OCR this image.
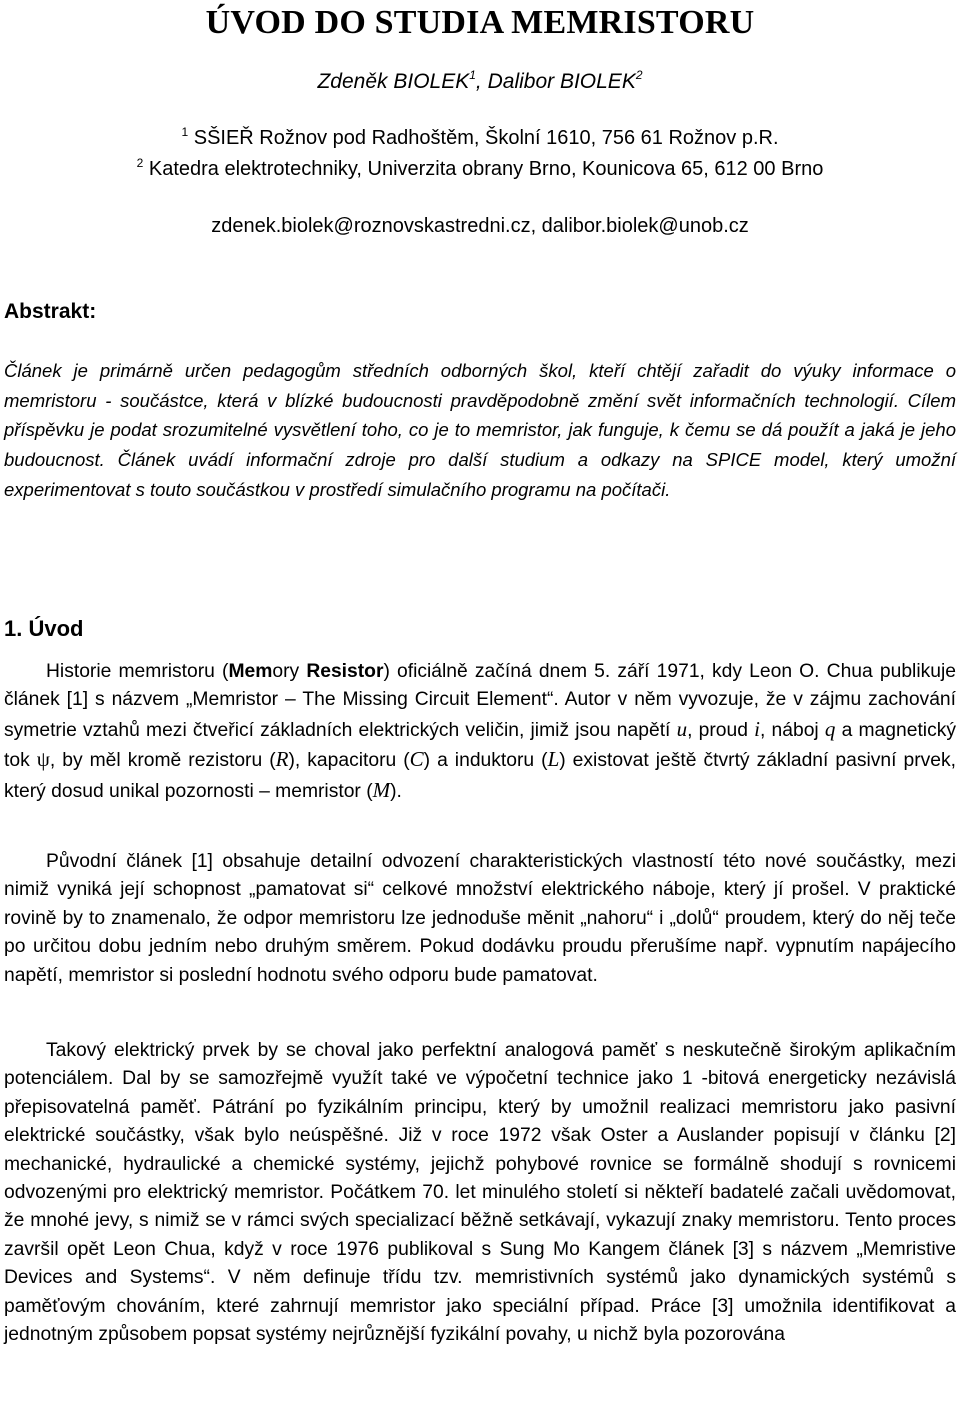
ÚVOD DO STUDIA MEMRISTORU

Zdeněk BIOLEK$^1$, Dalibor BIOLEK$^2$

$^1$ SŠIEŘ Rožnov pod Radhoštěm, Školní 1610, 756 61 Rožnov p.R.

$^2$ Katedra elektrotechniky, Univerzita obrany Brno, Kounicova 65, 612 00 Brno

zdenek.biolek@roznovskastredni.cz, dalibor.biolek@unob.cz

Abstrakt:

Článek je primárně určen pedagogům středních odborných škol, kteří chtějí zařadit do výuky informace o memristoru - součástce, která v blízké budoucnosti pravděpodobně změní svět informačních technologií. Cílem příspěvku je podat srozumitelné vysvětlení toho, co je to memristor, jak funguje, k čemu se dá použít a jaká je jeho budoucnost. Článek uvádí informační zdroje pro další studium a odkazy na SPICE model, který umožní experimentovat s touto součástkou v prostředí simulačního programu na počítači.

1. Úvod

Historie memristoru (Memory Resistor) oficiálně začíná dnem 5. září 1971, kdy Leon O. Chua publikuje článek [1] s názvem „Memristor – The Missing Circuit Element“. Autor v něm vyvozuje, že v zájmu zachování symetrie vztahů mezi čtveřicí základních elektrických veličin, jimiž jsou napětí u, proud i, náboj q a magnetický tok ψ, by měl kromě rezistoru (R), kapacitoru (C) a induktoru (L) existovat ještě čtvrtý základní pasivní prvek, který dosud unikal pozornosti – memristor (M).

Původní článek [1] obsahuje detailní odvození charakteristických vlastností této nové součástky, mezi nimiž vyniká její schopnost „pamatovat si“ celkové množství elektrického náboje, který jí prošel. V praktické rovině by to znamenalo, že odpor memristoru lze jednoduše měnit „nahoru“ i „dolů“ proudem, který do něj teče po určitou dobu jedním nebo druhým směrem. Pokud dodávku proudu přerušíme např. vypnutím napájecího napětí, memristor si poslední hodnotu svého odporu bude pamatovat.

Takový elektrický prvek by se choval jako perfektní analogová paměť s neskutečně širokým aplikačním potenciálem. Dal by se samozřejmě využít také ve výpočetní technice jako 1 -bitová energeticky nezávislá přepisovatelná paměť. Pátrání po fyzikálním principu, který by umožnil realizaci memristoru jako pasivní elektrické součástky, však bylo neúspěšné. Již v roce 1972 však Oster a Auslander popisují v článku [2] mechanické, hydraulické a chemické systémy, jejichž pohybové rovnice se formálně shodují s rovnicemi odvozenými pro elektrický memristor. Počátkem 70. let minulého století si někteří badatelé začali uvědomovat, že mnohé jevy, s nimiž se v rámci svých specializací běžně setkávají, vykazují znaky memristoru. Tento proces završil opět Leon Chua, když v roce 1976 publikoval s Sung Mo Kangem článek [3] s názvem „Memristive Devices and Systems“. V něm definuje třídu tzv. memristivních systémů jako dynamických systémů s paměťovým chováním, které zahrnují memristor jako speciální případ. Práce [3] umožnila identifikovat a jednotným způsobem popsat systémy nejrůznější fyzikální povahy, u nichž byla pozorována
